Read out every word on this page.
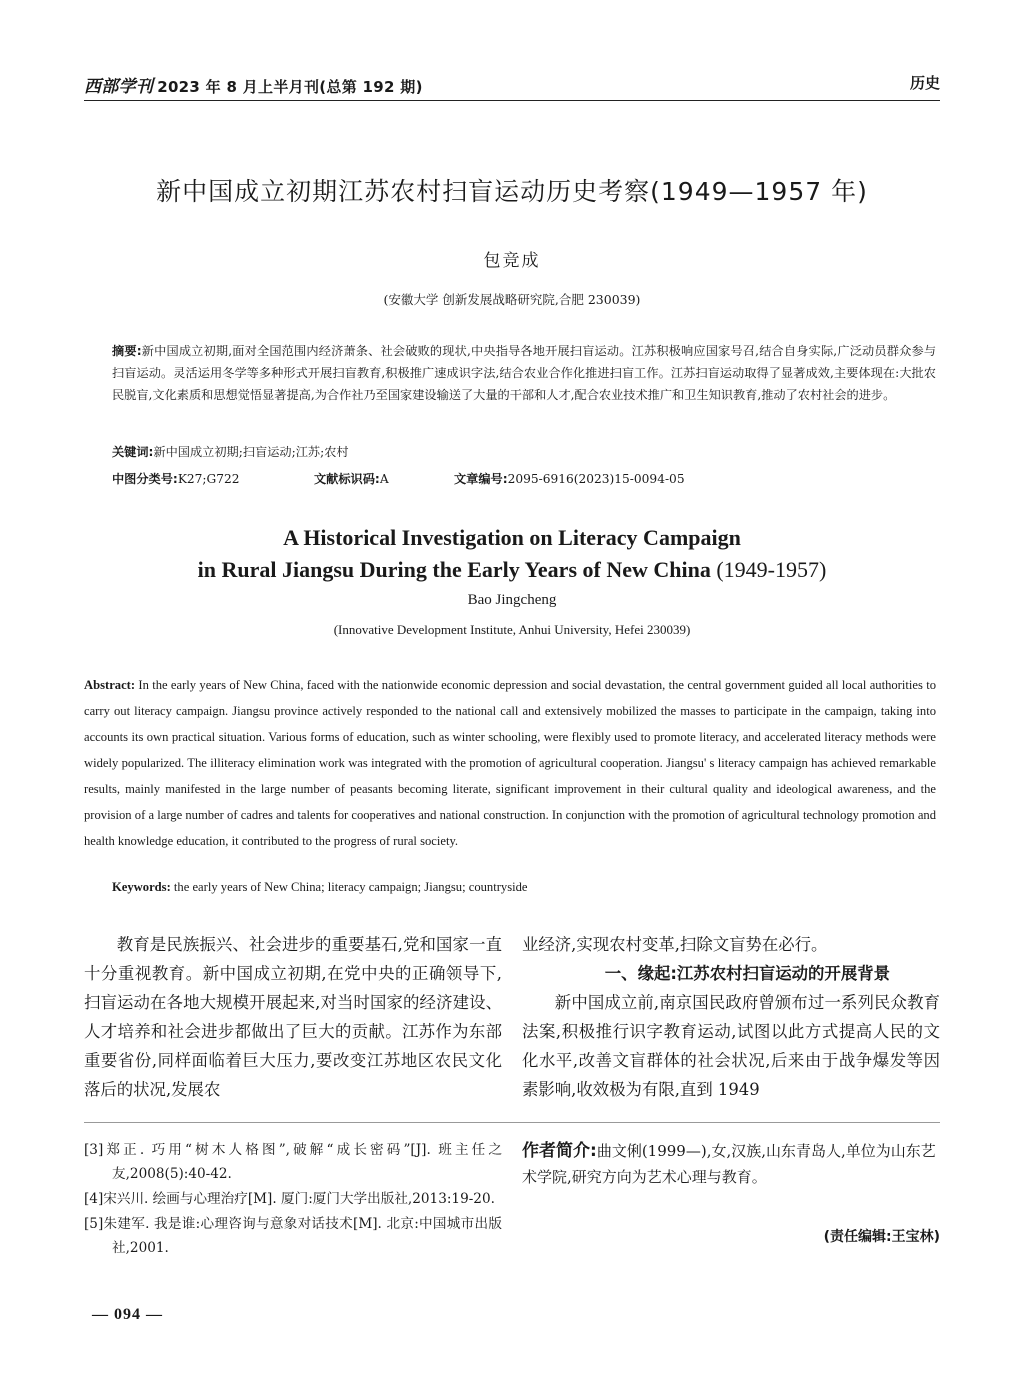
西部学刊 2023 年 8 月上半月刊(总第 192 期)	历史
新中国成立初期江苏农村扫盲运动历史考察(1949—1957 年)
包竞成
(安徽大学 创新发展战略研究院,合肥 230039)
摘要:新中国成立初期,面对全国范围内经济萧条、社会破败的现状,中央指导各地开展扫盲运动。江苏积极响应国家号召,结合自身实际,广泛动员群众参与扫盲运动。灵活运用冬学等多种形式开展扫盲教育,积极推广速成识字法,结合农业合作化推进扫盲工作。江苏扫盲运动取得了显著成效,主要体现在:大批农民脱盲,文化素质和思想觉悟显著提高,为合作社乃至国家建设输送了大量的干部和人才,配合农业技术推广和卫生知识教育,推动了农村社会的进步。
关键词:新中国成立初期;扫盲运动;江苏;农村
中图分类号:K27;G722	文献标识码:A	文章编号:2095-6916(2023)15-0094-05
A Historical Investigation on Literacy Campaign
in Rural Jiangsu During the Early Years of New China (1949-1957)
Bao Jingcheng
(Innovative Development Institute, Anhui University, Hefei 230039)
Abstract: In the early years of New China, faced with the nationwide economic depression and social devastation, the central government guided all local authorities to carry out literacy campaign. Jiangsu province actively responded to the national call and extensively mobilized the masses to participate in the campaign, taking into accounts its own practical situation. Various forms of education, such as winter schooling, were flexibly used to promote literacy, and accelerated literacy methods were widely popularized. The illiteracy elimination work was integrated with the promotion of agricultural cooperation. Jiangsu' s literacy campaign has achieved remarkable results, mainly manifested in the large number of peasants becoming literate, significant improvement in their cultural quality and ideological awareness, and the provision of a large number of cadres and talents for cooperatives and national construction. In conjunction with the promotion of agricultural technology promotion and health knowledge education, it contributed to the progress of rural society.
Keywords: the early years of New China; literacy campaign; Jiangsu; countryside

教育是民族振兴、社会进步的重要基石,党和国家一直十分重视教育。新中国成立初期,在党中央的正确领导下,扫盲运动在各地大规模开展起来,对当时国家的经济建设、人才培养和社会进步都做出了巨大的贡献。江苏作为东部重要省份,同样面临着巨大压力,要改变江苏地区农民文化落后的状况,发展农

业经济,实现农村变革,扫除文盲势在必行。

一、缘起:江苏农村扫盲运动的开展背景

新中国成立前,南京国民政府曾颁布过一系列民众教育法案,积极推行识字教育运动,试图以此方式提高人民的文化水平,改善文盲群体的社会状况,后来由于战争爆发等因素影响,收效极为有限,直到 1949

[3]郑正. 巧用“树木人格图”,破解“成长密码”[J]. 班主任之友,2008(5):40-42.

[4]宋兴川. 绘画与心理治疗[M]. 厦门:厦门大学出版社,2013:19-20.

[5]朱建军. 我是谁:心理咨询与意象对话技术[M]. 北京:中国城市出版社,2001.

作者简介:曲文俐(1999—),女,汉族,山东青岛人,单位为山东艺术学院,研究方向为艺术心理与教育。
(责任编辑:王宝林)
— 094 —
